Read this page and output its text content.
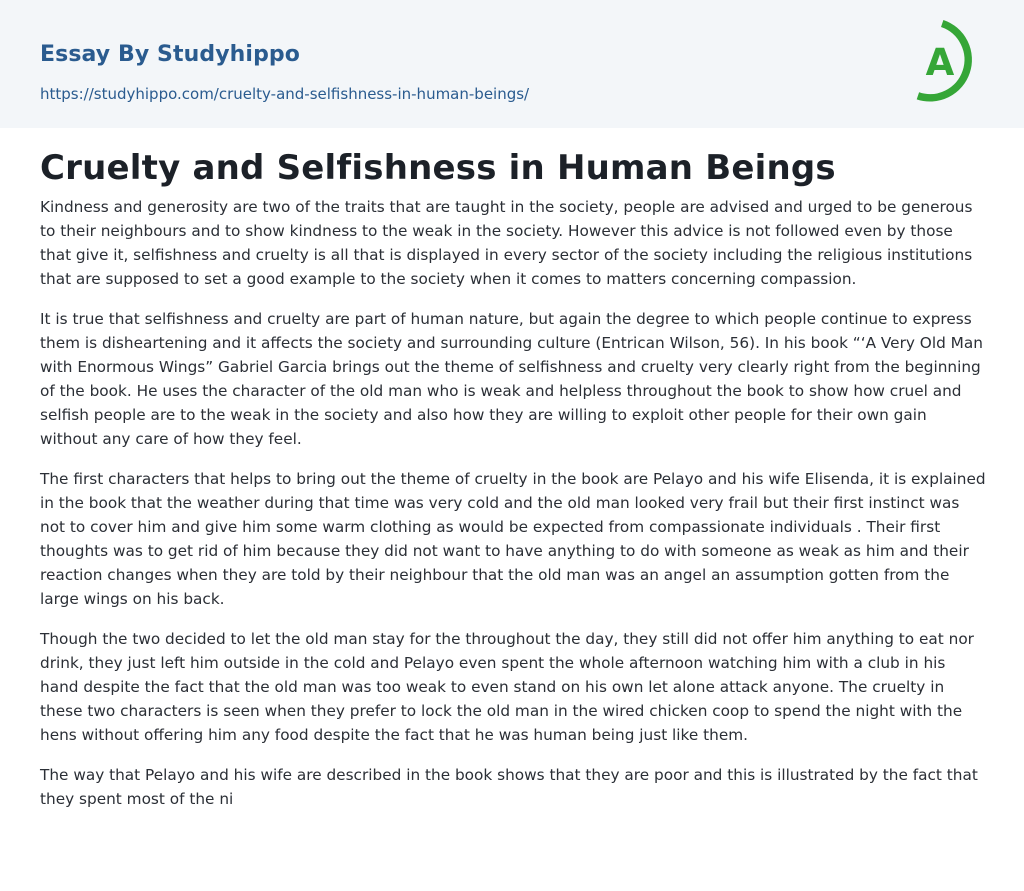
Essay By Studyhippo
https://studyhippo.com/cruelty-and-selfishness-in-human-beings/
A
Cruelty and Selfishness in Human Beings

Kindness and generosity are two of the traits that are taught in the society, people are advised and urged to be generous to their neighbours and to show kindness to the weak in the society. However this advice is not followed even by those that give it, selfishness and cruelty is all that is displayed in every sector of the society including the religious institutions that are supposed to set a good example to the society when it comes to matters concerning compassion.

It is true that selfishness and cruelty are part of human nature, but again the degree to which people continue to express them is disheartening and it affects the society and surrounding culture (Entrican Wilson, 56). In his book “‘A Very Old Man with Enormous Wings” Gabriel Garcia brings out the theme of selfishness and cruelty very clearly right from the beginning of the book. He uses the character of the old man who is weak and helpless throughout the book to show how cruel and selfish people are to the weak in the society and also how they are willing to exploit other people for their own gain without any care of how they feel.

The first characters that helps to bring out the theme of cruelty in the book are Pelayo and his wife Elisenda, it is explained in the book that the weather during that time was very cold and the old man looked very frail but their first instinct was not to cover him and give him some warm clothing as would be expected from compassionate individuals . Their first thoughts was to get rid of him because they did not want to have anything to do with someone as weak as him and their reaction changes when they are told by their neighbour that the old man was an angel an assumption gotten from the large wings on his back.

Though the two decided to let the old man stay for the throughout the day, they still did not offer him anything to eat nor drink, they just left him outside in the cold and Pelayo even spent the whole afternoon watching him with a club in his hand despite the fact that the old man was too weak to even stand on his own let alone attack anyone. The cruelty in these two characters is seen when they prefer to lock the old man in the wired chicken coop to spend the night with the hens without offering him any food despite the fact that he was human being just like them.

The way that Pelayo and his wife are described in the book shows that they are poor and this is illustrated by the fact that they spent most of the ni
